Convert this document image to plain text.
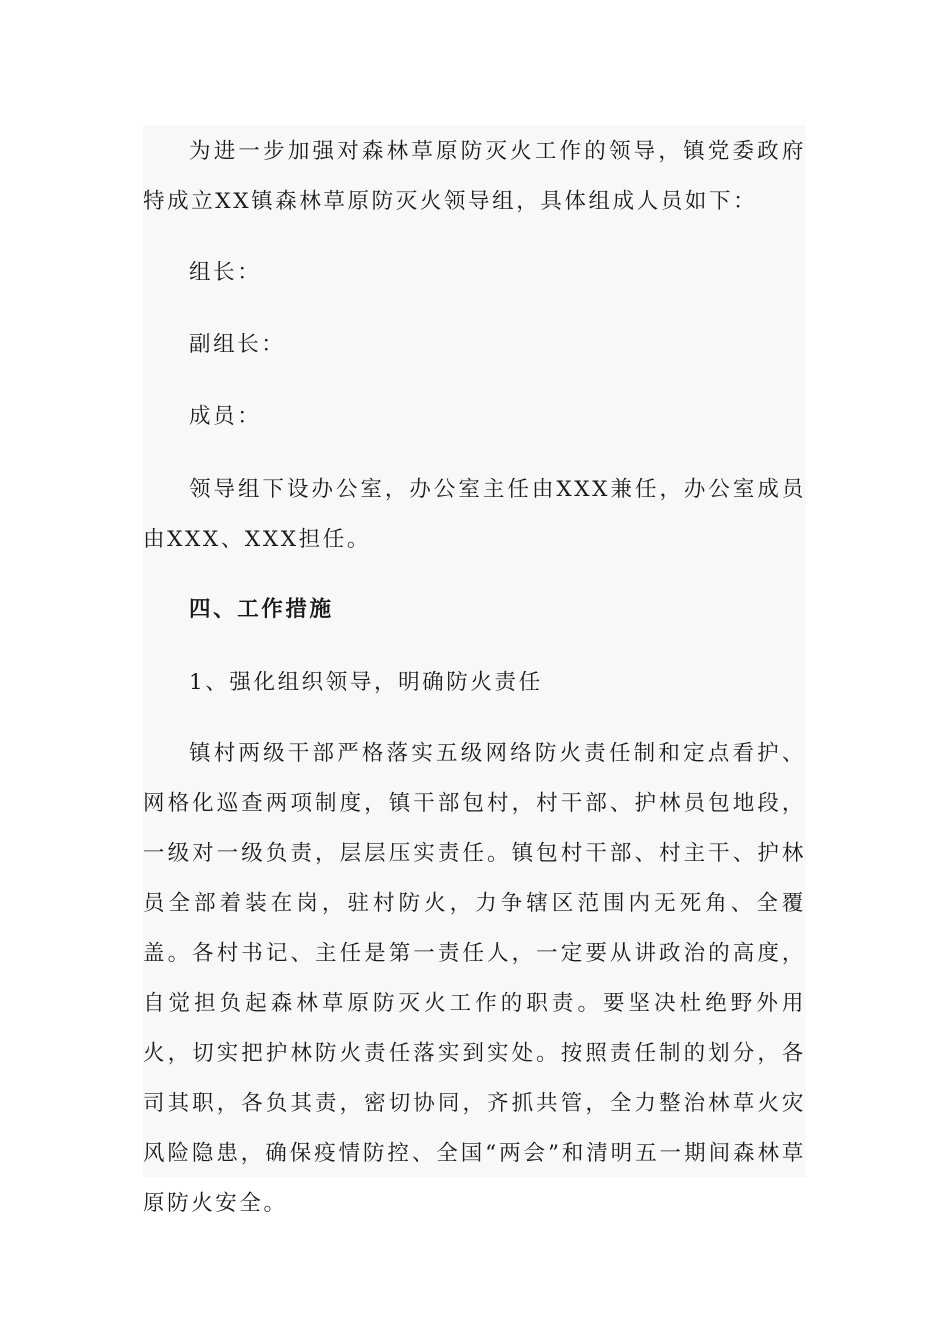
为进一步加强对森林草原防灭火工作的领导，镇党委政府特成立XX镇森林草原防灭火领导组，具体组成人员如下：

组长：

副组长：

成员：

领导组下设办公室，办公室主任由XXX兼任，办公室成员由XXX、XXX担任。

四、工作措施

1、强化组织领导，明确防火责任

镇村两级干部严格落实五级网络防火责任制和定点看护、网格化巡查两项制度，镇干部包村，村干部、护林员包地段，一级对一级负责，层层压实责任。镇包村干部、村主干、护林员全部着装在岗，驻村防火，力争辖区范围内无死角、全覆盖。各村书记、主任是第一责任人，一定要从讲政治的高度，自觉担负起森林草原防灭火工作的职责。要坚决杜绝野外用火，切实把护林防火责任落实到实处。按照责任制的划分，各司其职，各负其责，密切协同，齐抓共管，全力整治林草火灾风险隐患，确保疫情防控、全国“两会”和清明五一期间森林草原防火安全。
